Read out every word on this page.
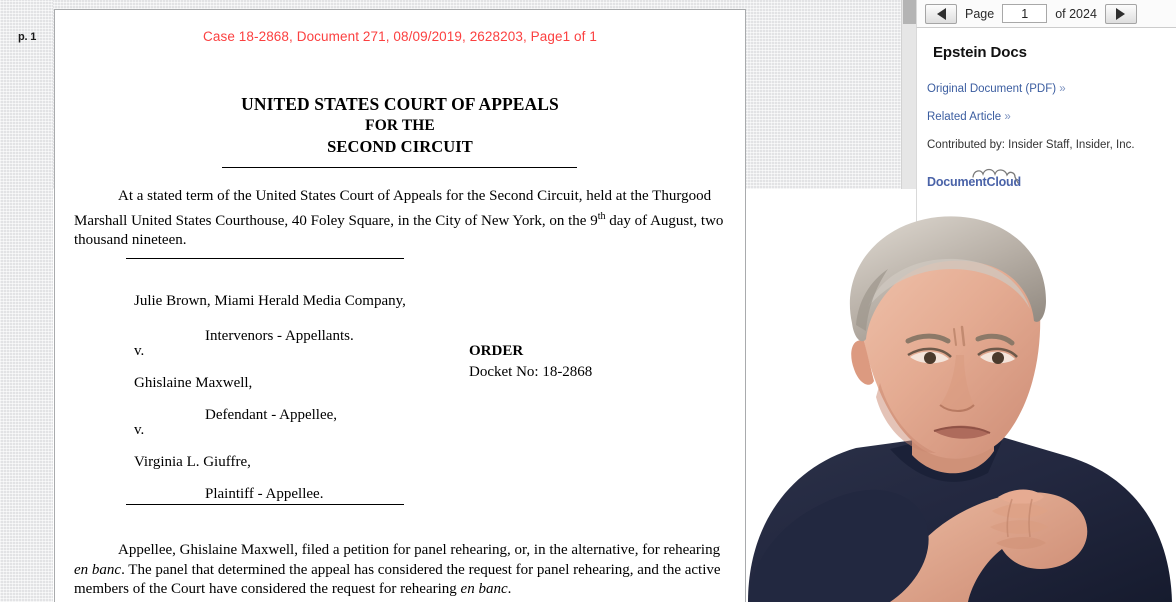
p. 1	Case 18-2868, Document 271, 08/09/2019, 2628203, Page1 of 1
UNITED STATES COURT OF APPEALS
FOR THE
SECOND CIRCUIT
At a stated term of the United States Court of Appeals for the Second Circuit, held at the Thurgood Marshall United States Courthouse, 40 Foley Square, in the City of New York, on the 9th day of August, two thousand nineteen.
Julie Brown, Miami Herald Media Company,
Intervenors - Appellants.
v.
Ghislaine Maxwell,
Defendant - Appellee,
v.
Virginia L. Giuffre,
Plaintiff - Appellee.
ORDER
Docket No: 18-2868
Appellee, Ghislaine Maxwell, filed a petition for panel rehearing, or, in the alternative, for rehearing en banc. The panel that determined the appeal has considered the request for panel rehearing, and the active members of the Court have considered the request for rehearing en banc.
Page
1	of 2024
Epstein Docs
Original Document (PDF) »
Related Article »
Contributed by: Insider Staff, Insider, Inc.
DocumentCloud
